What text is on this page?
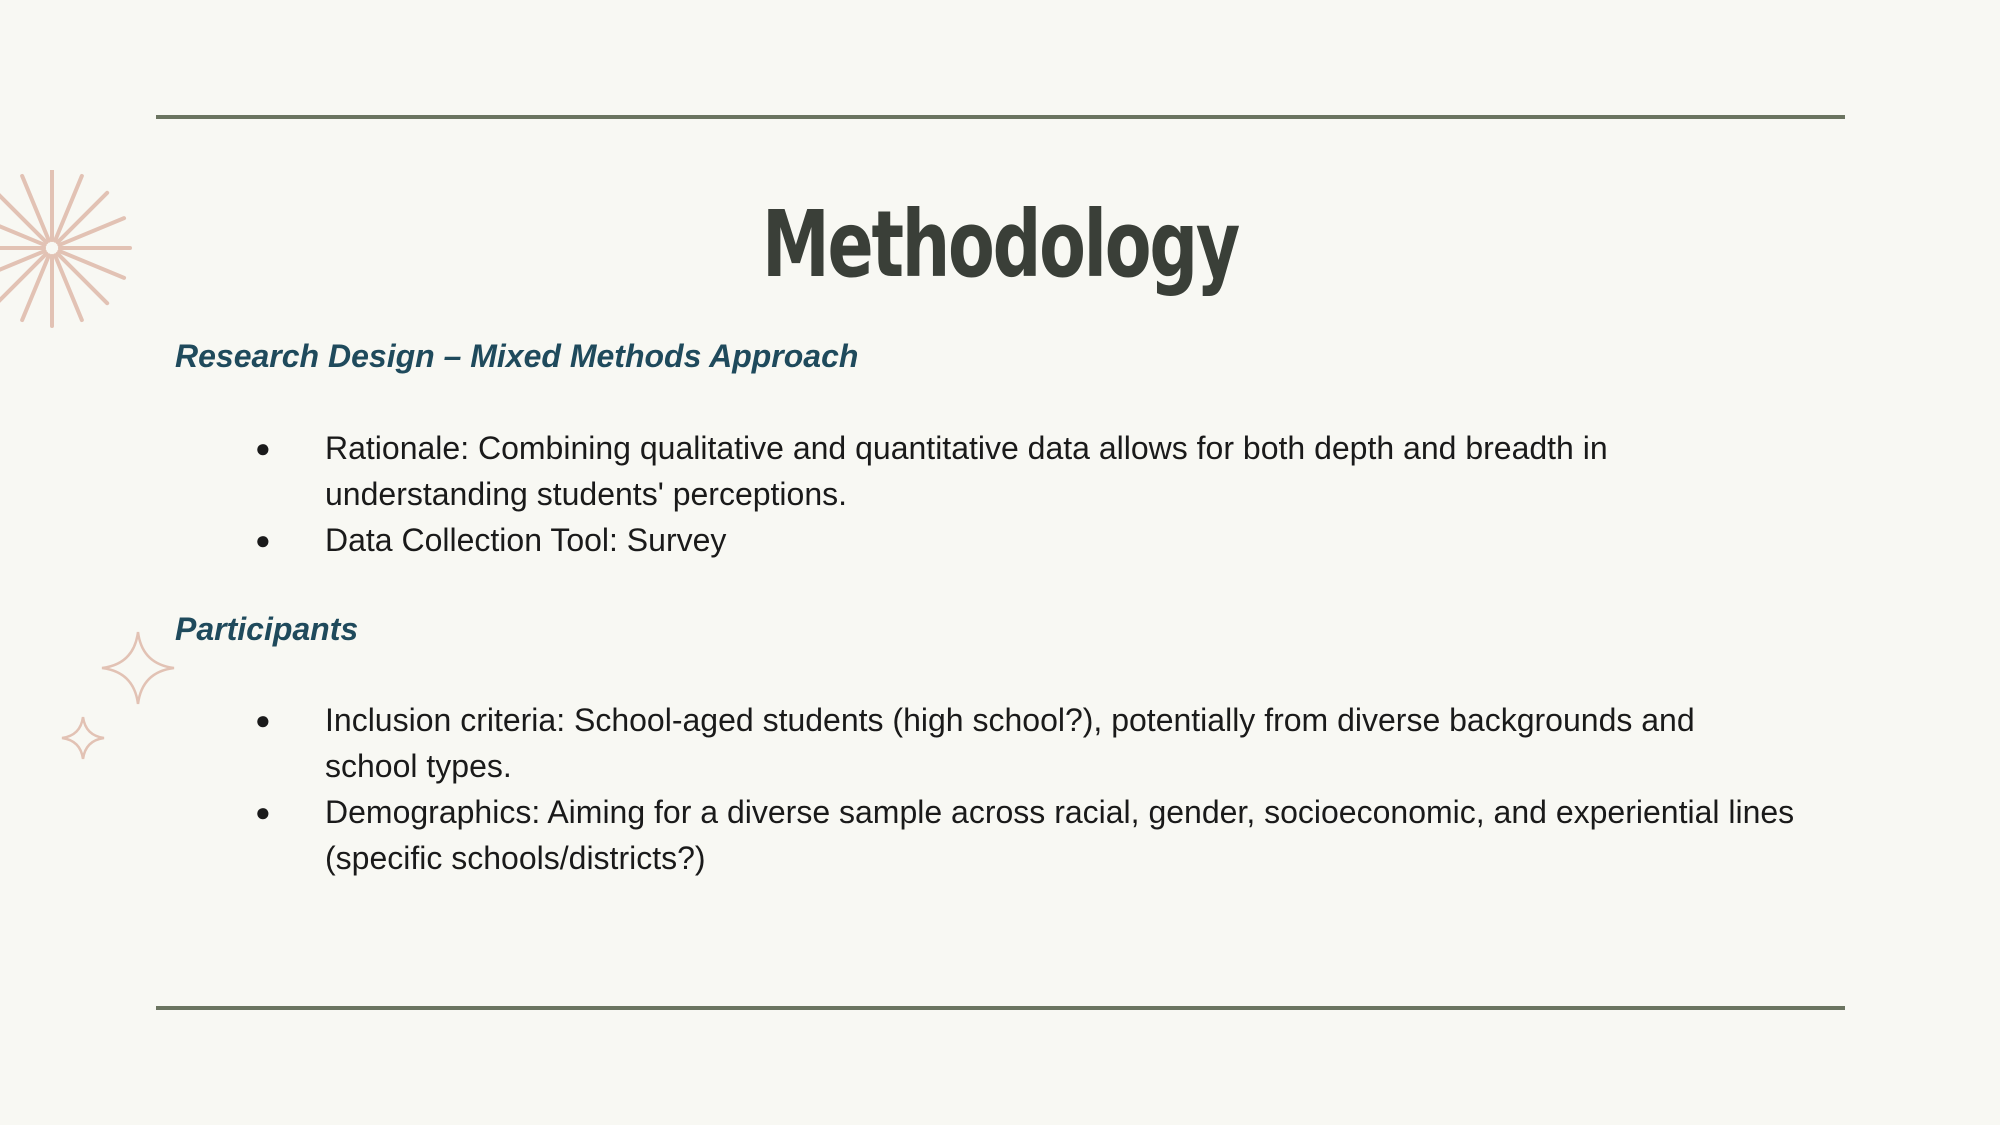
Methodology
Research Design – Mixed Methods Approach
● Rationale: Combining qualitative and quantitative data allows for both depth and breadth in understanding students' perceptions.
● Data Collection Tool: Survey
Participants
● Inclusion criteria: School-aged students (high school?), potentially from diverse backgrounds and school types.
● Demographics: Aiming for a diverse sample across racial, gender, socioeconomic, and experiential lines (specific schools/districts?)
